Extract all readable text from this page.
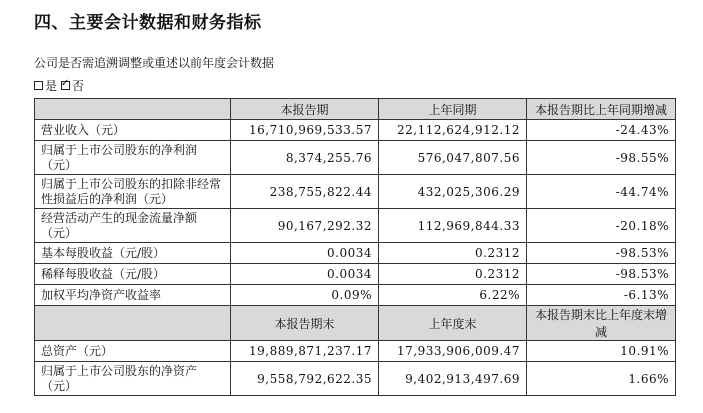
四、主要会计数据和财务指标
公司是否需追溯调整或重述以前年度会计数据
是 ✓ 否
	本报告期	上年同期	本报告期比上年同期增减
营业收入（元）	16,710,969,533.57	22,112,624,912.12	-24.43%
归属于上市公司股东的净利润（元）	8,374,255.76	576,047,807.56	-98.55%
归属于上市公司股东的扣除非经常性损益后的净利润（元）	238,755,822.44	432,025,306.29	-44.74%
经营活动产生的现金流量净额（元）	90,167,292.32	112,969,844.33	-20.18%
基本每股收益（元/股）	0.0034	0.2312	-98.53%
稀释每股收益（元/股）	0.0034	0.2312	-98.53%
加权平均净资产收益率	0.09%	6.22%	-6.13%
	本报告期末	上年度末	本报告期末比上年度末增减
总资产（元）	19,889,871,237.17	17,933,906,009.47	10.91%
归属于上市公司股东的净资产（元）	9,558,792,622.35	9,402,913,497.69	1.66%
